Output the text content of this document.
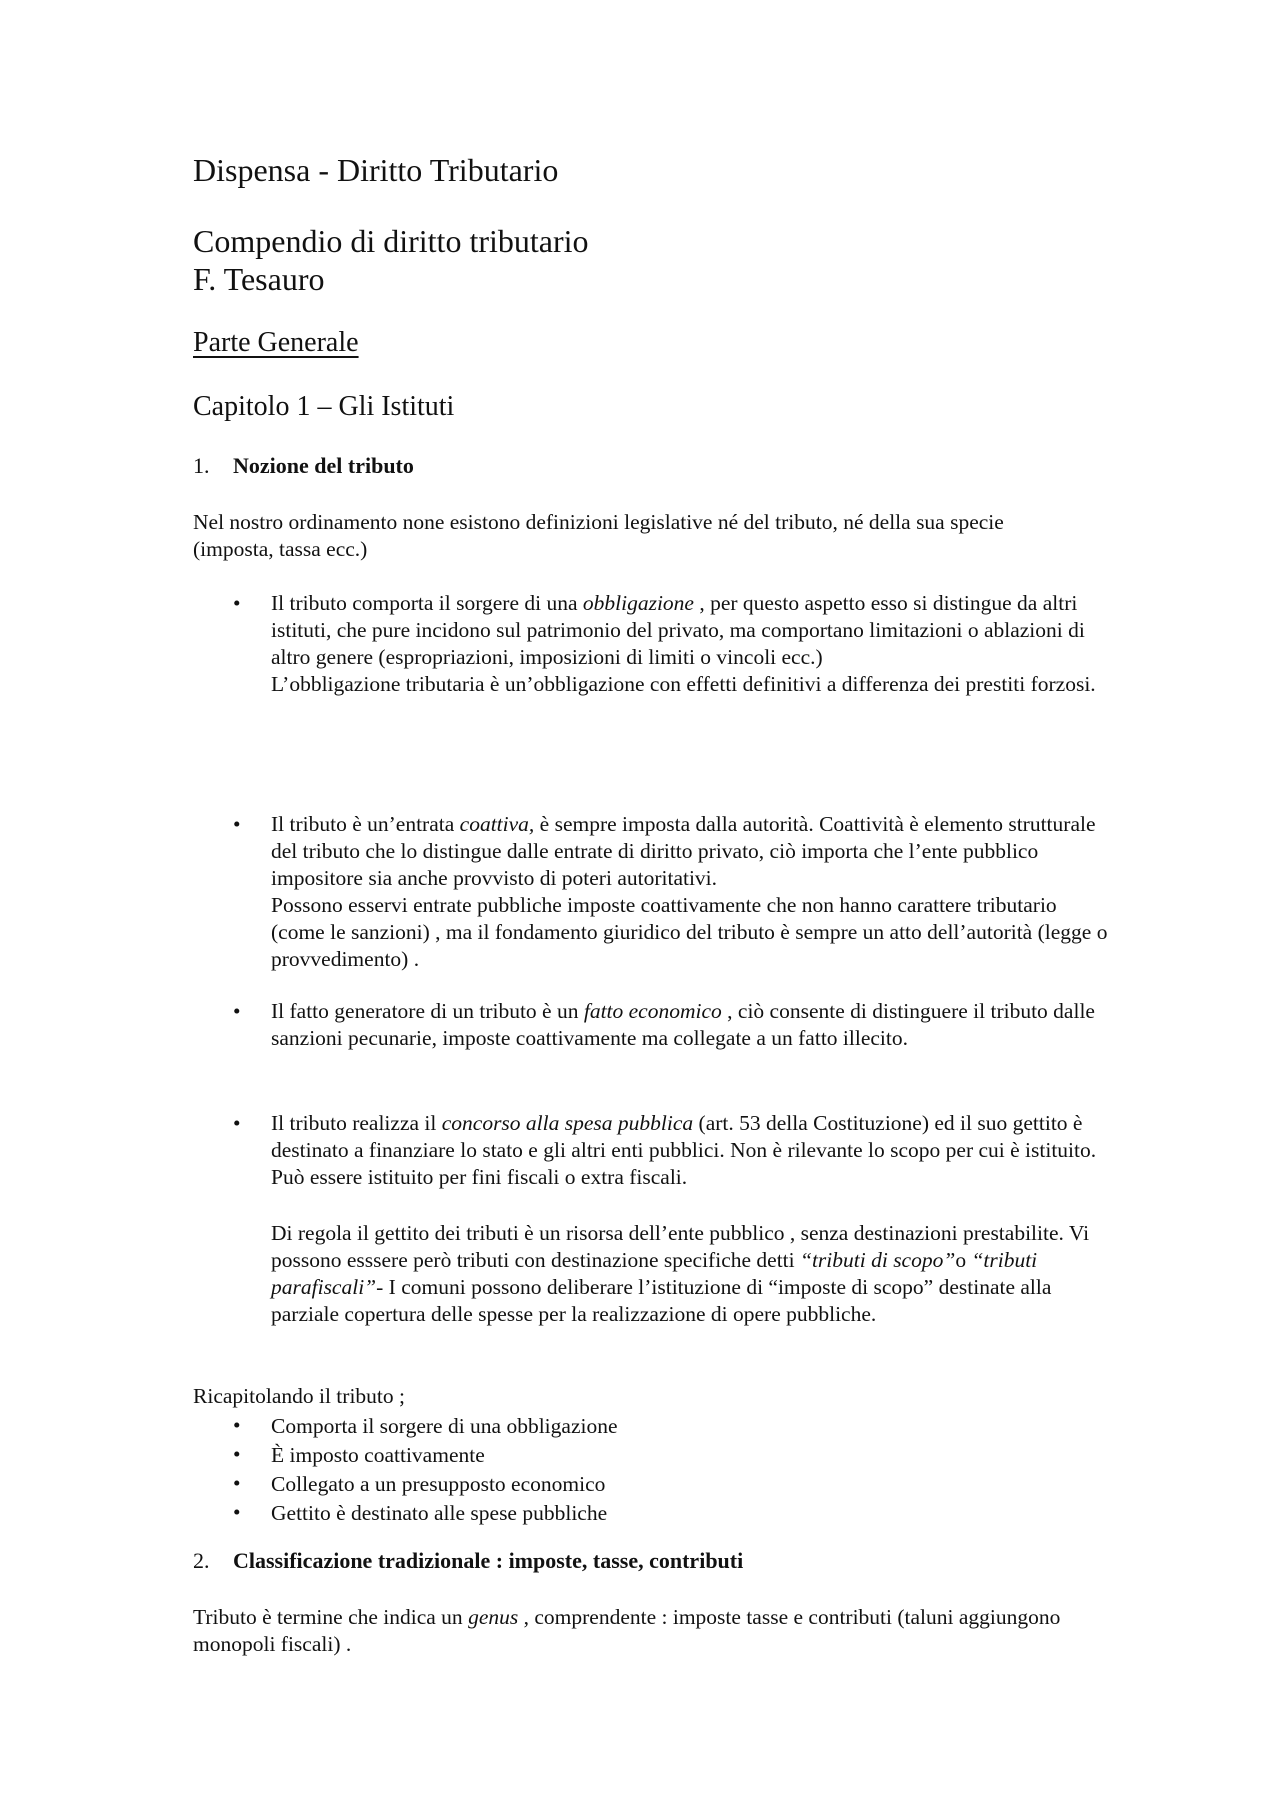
Dispensa - Diritto Tributario
Compendio di diritto tributario
F. Tesauro
Parte Generale
Capitolo 1 – Gli Istituti
1. Nozione del tributo
Nel nostro ordinamento none esistono definizioni legislative né del tributo, né della sua specie (imposta, tassa ecc.)
• Il tributo comporta il sorgere di una obbligazione , per questo aspetto esso si distingue da altri istituti, che pure incidono sul patrimonio del privato, ma comportano limitazioni o ablazioni di altro genere (espropriazioni, imposizioni di limiti o vincoli ecc.)

L’obbligazione tributaria è un’obbligazione con effetti definitivi a differenza dei prestiti forzosi.

• Il tributo è un’entrata coattiva, è sempre imposta dalla autorità. Coattività è elemento strutturale del tributo che lo distingue dalle entrate di diritto privato, ciò importa che l’ente pubblico impositore sia anche provvisto di poteri autoritativi.

Possono esservi entrate pubbliche imposte coattivamente che non hanno carattere tributario (come le sanzioni) , ma il fondamento giuridico del tributo è sempre un atto dell’autorità (legge o provvedimento) .

• Il fatto generatore di un tributo è un fatto economico , ciò consente di distinguere il tributo dalle sanzioni pecunarie, imposte coattivamente ma collegate a un fatto illecito.

• Il tributo realizza il concorso alla spesa pubblica (art. 53 della Costituzione) ed il suo gettito è destinato a finanziare lo stato e gli altri enti pubblici. Non è rilevante lo scopo per cui è istituito. Può essere istituito per fini fiscali o extra fiscali.

Di regola il gettito dei tributi è un risorsa dell’ente pubblico , senza destinazioni prestabilite. Vi possono esssere però tributi con destinazione specifiche detti “tributi di scopo”o “tributi parafiscali”- I comuni possono deliberare l’istituzione di “imposte di scopo” destinate alla parziale copertura delle spesse per la realizzazione di opere pubbliche.
Ricapitolando il tributo ;
• Comporta il sorgere di una obbligazione
• È imposto coattivamente
• Collegato a un presupposto economico
• Gettito è destinato alle spese pubbliche
2. Classificazione tradizionale : imposte, tasse, contributi
Tributo è termine che indica un genus , comprendente : imposte tasse e contributi (taluni aggiungono monopoli fiscali) .
